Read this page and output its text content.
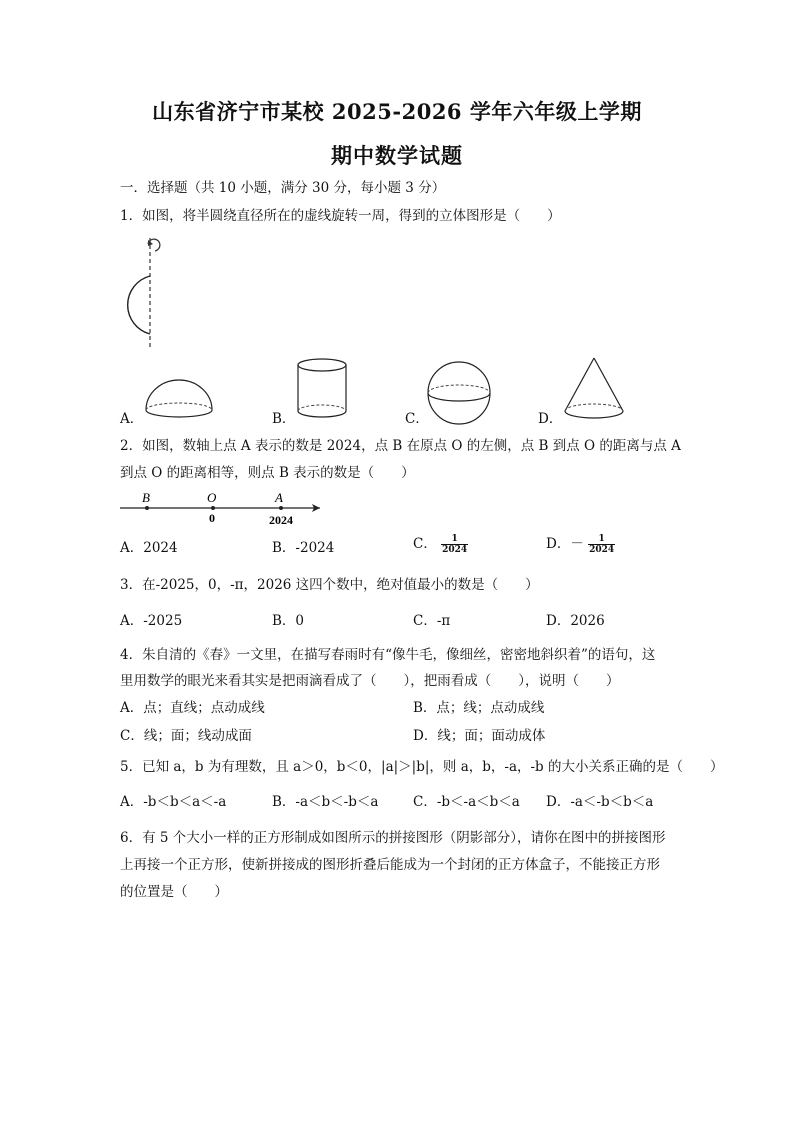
山东省济宁市某校 2025-2026 学年六年级上学期
期中数学试题
一．选择题（共 10 小题，满分 30 分，每小题 3 分）
1．如图，将半圆绕直径所在的虚线旋转一周，得到的立体图形是（　　）
A．	B．	C．	D．
2．如图，数轴上点 A 表示的数是 2024，点 B 在原点 O 的左侧，点 B 到点 O 的距离与点 A
到点 O 的距离相等，则点 B 表示的数是（　　）
B	O	A
0	2024
A．2024	B．-2024	C． $\frac{1}{2024}$	D．－ $\frac{1}{2024}$
3．在-2025，0，-π，2026 这四个数中，绝对值最小的数是（　　）
A．-2025	B．0	C．-π	D．2026
4．朱自清的《春》一文里，在描写春雨时有“像牛毛，像细丝，密密地斜织着”的语句，这
里用数学的眼光来看其实是把雨滴看成了（　　），把雨看成（　　），说明（　　）
A．点；直线；点动成线	B．点；线；点动成线
C．线；面；线动成面	D．线；面；面动成体
5．已知 a，b 为有理数，且 a＞0，b＜0，|a|＞|b|，则 a，b，-a，-b 的大小关系正确的是（　　）
A．-b＜b＜a＜-a	B．-a＜b＜-b＜a	C．-b＜-a＜b＜a D．-a＜-b＜b＜a
6．有 5 个大小一样的正方形制成如图所示的拼接图形（阴影部分），请你在图中的拼接图形
上再接一个正方形，使新拼接成的图形折叠后能成为一个封闭的正方体盒子，不能接正方形
的位置是（　　）
